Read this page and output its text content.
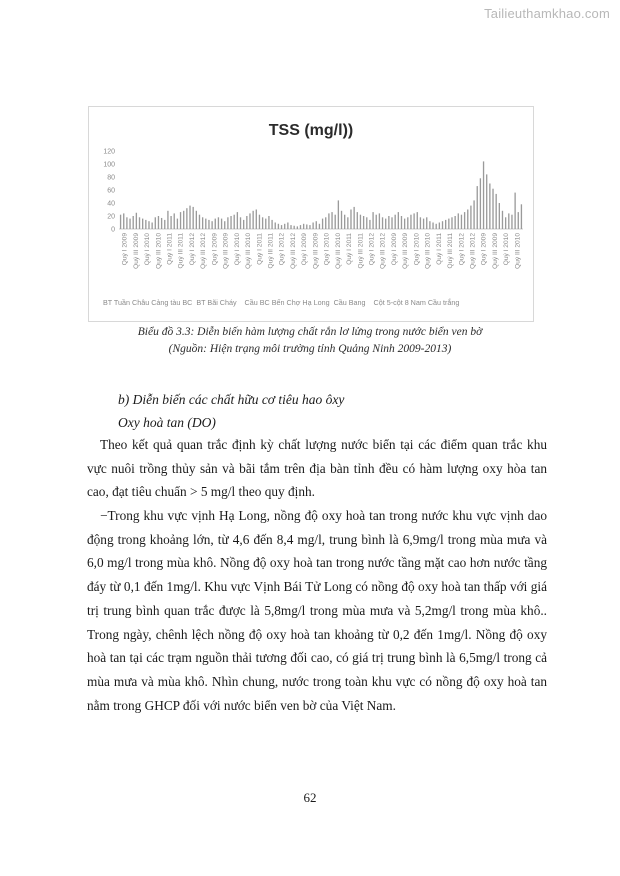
Tailieuthamkhao.com
TSS (mg/l))
0
20
40
60
80
100
120
Quý I 2009 Quý III 2009 Quý I 2010 Quý III 2010 Quý I 2011 Quý III 2011 Quý I 2012 Quý III 2012 Quý I 2009 Quý III 2009 Quý I 2010 Quý III 2010 Quý I 2011 Quý III 2011 Quý I 2012 Quý III 2012 Quý I 2009 Quý III 2009 Quý I 2010 Quý III 2010 Quý I 2011 Quý III 2011 Quý I 2012 Quý III 2012 Quý I 2009 Quý III 2009 Quý I 2010 Quý III 2010 Quý I 2011 Quý III 2011 Quý I 2012 Quý III 2012 Quý I 2009 Quý III 2009 Quý I 2010 Quý III 2010
BT Tuần Châu Cảng tàu BC  BT Bãi Cháy    Cầu BC Bến Chợ Hạ Long  Cầu Bang    Cột 5-cột 8 Nam Cầu trắng
Biểu đồ 3.3: Diễn biến hàm lượng chất rắn lơ lửng trong nước biển ven bờ
(Nguồn: Hiện trạng môi trường tỉnh Quảng Ninh 2009-2013)
b) Diễn biến các chất hữu cơ tiêu hao ôxy
Oxy hoà tan (DO)

Theo kết quả quan trắc định kỳ chất lượng nước biển tại các điểm quan trắc khu vực nuôi trồng thủy sản và bãi tắm trên địa bàn tỉnh đều có hàm lượng oxy hòa tan cao, đạt tiêu chuẩn > 5 mg/l theo quy định.

−Trong khu vực vịnh Hạ Long, nồng độ oxy hoà tan trong nước khu vực vịnh dao động trong khoảng lớn, từ 4,6 đến 8,4 mg/l, trung bình là 6,9mg/l trong mùa mưa và 6,0 mg/l trong mùa khô. Nồng độ oxy hoà tan trong nước tầng mặt cao hơn nước tầng đáy từ 0,1 đến 1mg/l. Khu vực Vịnh Bái Tử Long có nồng độ oxy hoà tan thấp với giá trị trung bình quan trắc được là 5,8mg/l trong mùa mưa và 5,2mg/l trong mùa khô.. Trong ngày, chênh lệch nồng độ oxy hoà tan khoảng từ 0,2 đến 1mg/l. Nồng độ oxy hoà tan tại các trạm nguồn thải tương đối cao, có giá trị trung bình là 6,5mg/l trong cả mùa mưa và mùa khô. Nhìn chung, nước trong toàn khu vực có nồng độ oxy hoà tan nằm trong GHCP đối với nước biển ven bờ của Việt Nam.

62
